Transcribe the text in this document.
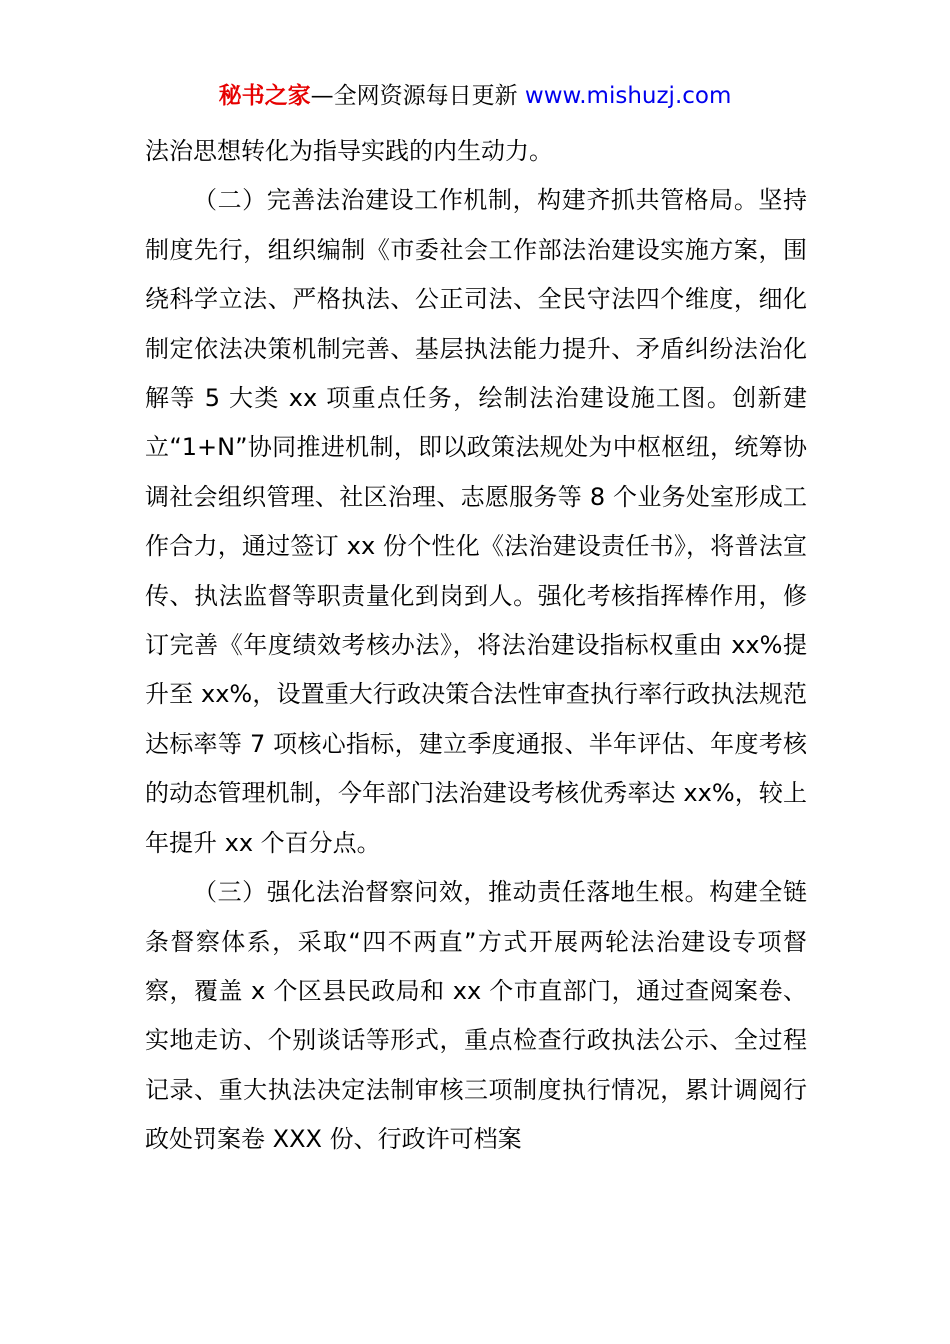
秘书之家—全网资源每日更新 www.mishuzj.com

法治思想转化为指导实践的内生动力。

（二）完善法治建设工作机制，构建齐抓共管格局。坚持制度先行，组织编制《市委社会工作部法治建设实施方案，围绕科学立法、严格执法、公正司法、全民守法四个维度，细化制定依法决策机制完善、基层执法能力提升、矛盾纠纷法治化解等 5 大类 xx 项重点任务，绘制法治建设施工图。创新建立“1+N”协同推进机制，即以政策法规处为中枢枢纽，统筹协调社会组织管理、社区治理、志愿服务等 8 个业务处室形成工作合力，通过签订 xx 份个性化《法治建设责任书》，将普法宣传、执法监督等职责量化到岗到人。强化考核指挥棒作用，修订完善《年度绩效考核办法》，将法治建设指标权重由 xx%提升至 xx%，设置重大行政决策合法性审查执行率行政执法规范达标率等 7 项核心指标，建立季度通报、半年评估、年度考核的动态管理机制，今年部门法治建设考核优秀率达 xx%，较上年提升 xx 个百分点。

（三）强化法治督察问效，推动责任落地生根。构建全链条督察体系，采取“四不两直”方式开展两轮法治建设专项督察，覆盖 x 个区县民政局和 xx 个市直部门，通过查阅案卷、实地走访、个别谈话等形式，重点检查行政执法公示、全过程记录、重大执法决定法制审核三项制度执行情况，累计调阅行政处罚案卷 XXX 份、行政许可档案
